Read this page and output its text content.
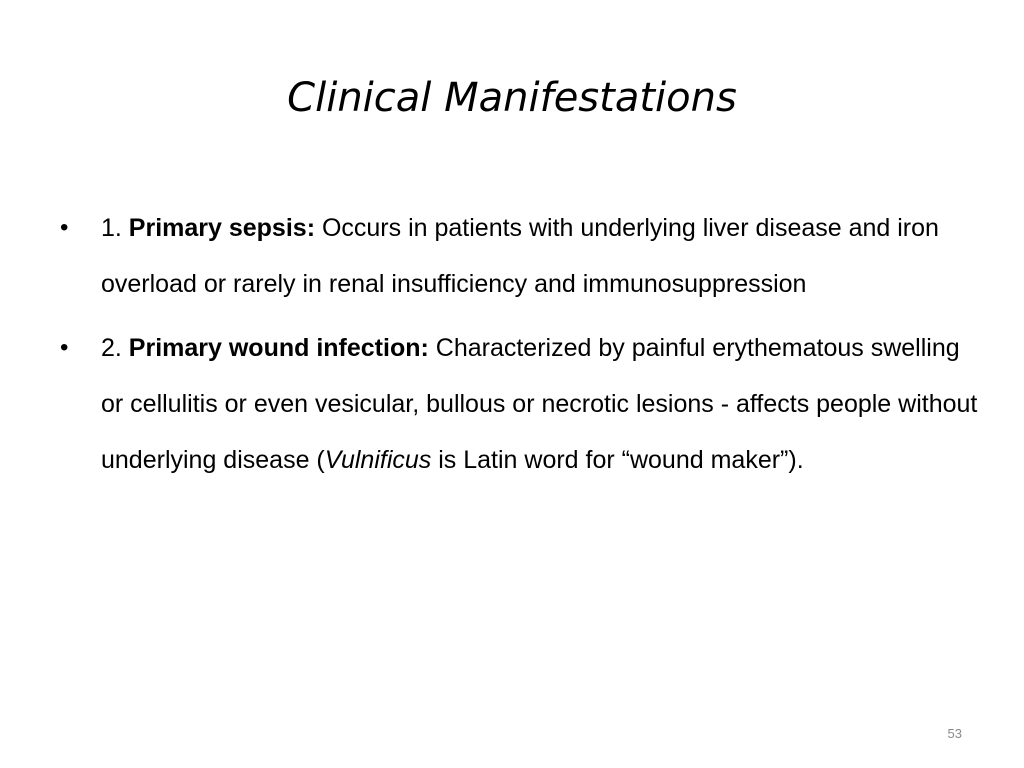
Clinical Manifestations
•	1. Primary sepsis: Occurs in patients with underlying liver disease and iron overload or rarely in renal insufficiency and immunosuppression
•	2. Primary wound infection: Characterized by painful erythematous swelling or cellulitis or even vesicular, bullous or necrotic lesions - affects people without underlying disease (Vulnificus is Latin word for “wound maker”).
53
